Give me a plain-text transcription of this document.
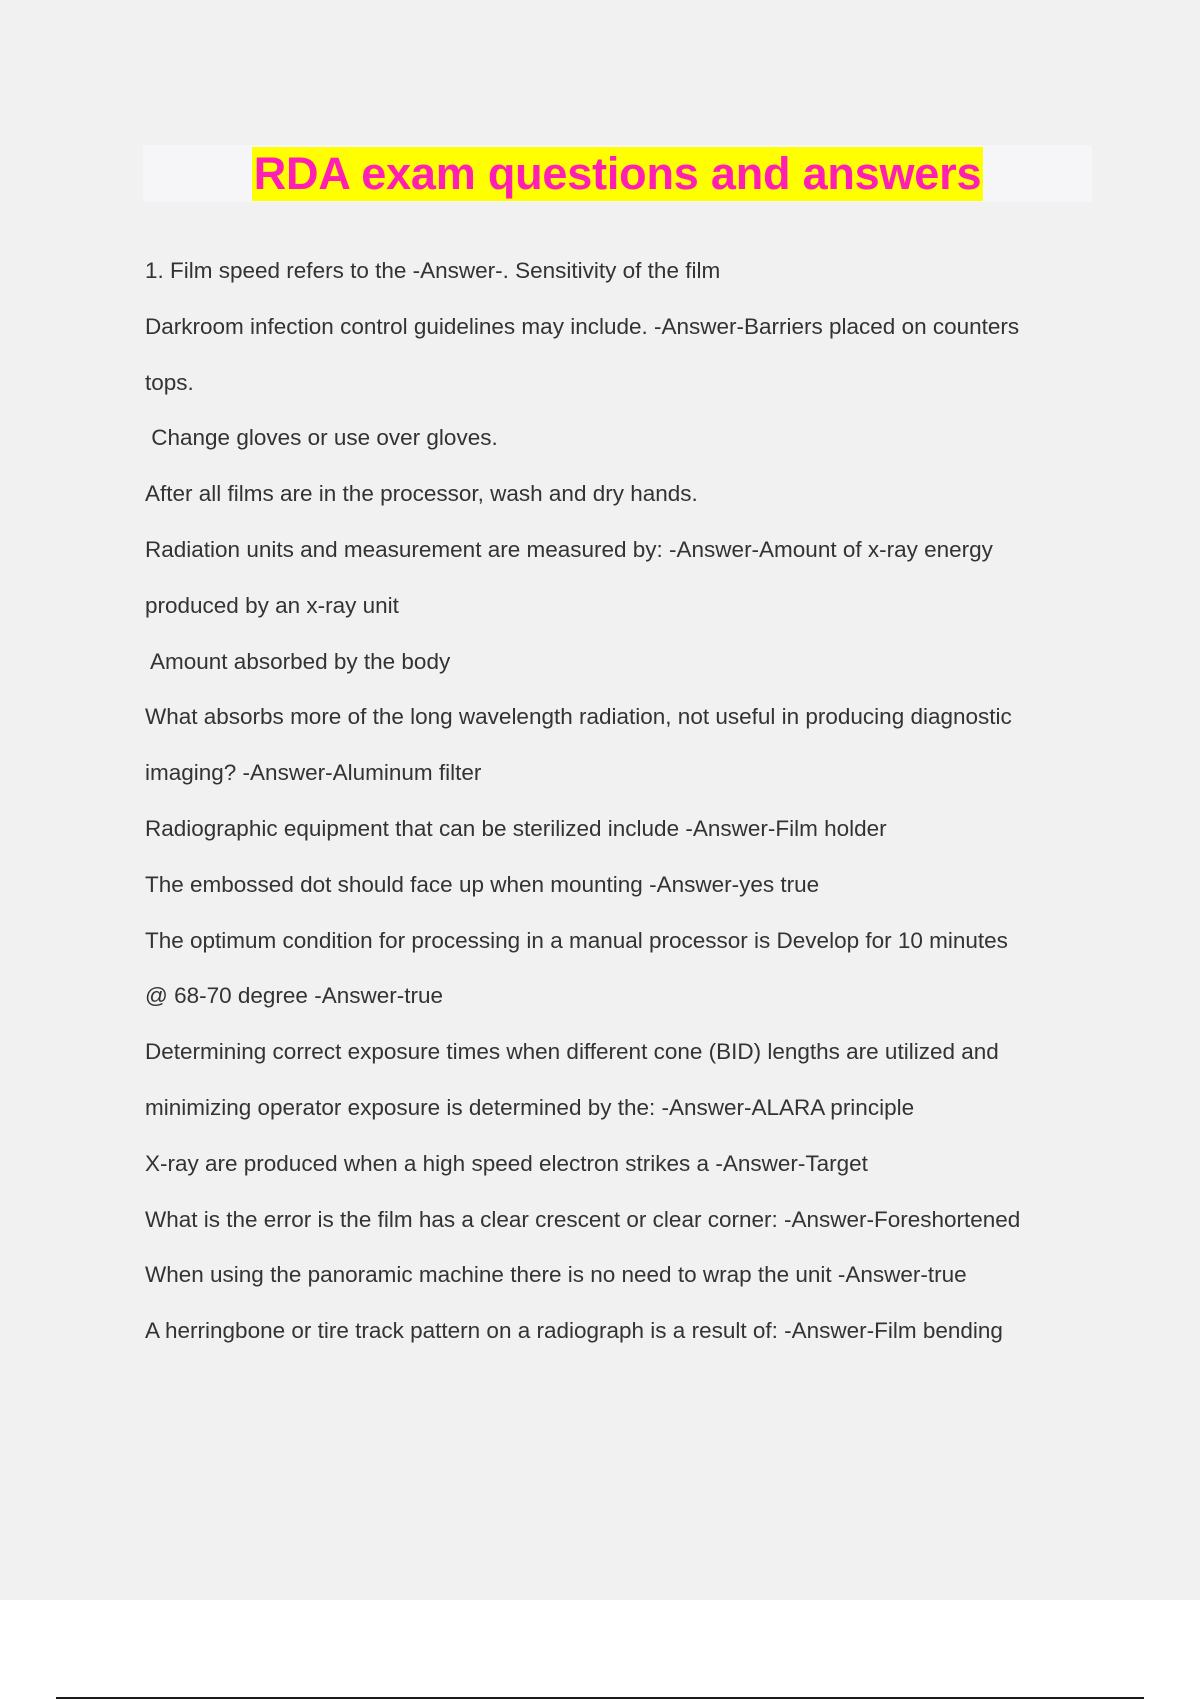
RDA exam questions and answers
1. Film speed refers to the -Answer-. Sensitivity of the film
Darkroom infection control guidelines may include. -Answer-Barriers placed on counters
tops.
Change gloves or use over gloves.
After all films are in the processor, wash and dry hands.
Radiation units and measurement are measured by: -Answer-Amount of x-ray energy
produced by an x-ray unit
Amount absorbed by the body
What absorbs more of the long wavelength radiation, not useful in producing diagnostic
imaging? -Answer-Aluminum filter
Radiographic equipment that can be sterilized include -Answer-Film holder
The embossed dot should face up when mounting -Answer-yes true
The optimum condition for processing in a manual processor is Develop for 10 minutes
@ 68-70 degree -Answer-true
Determining correct exposure times when different cone (BID) lengths are utilized and
minimizing operator exposure is determined by the: -Answer-ALARA principle
X-ray are produced when a high speed electron strikes a -Answer-Target
What is the error is the film has a clear crescent or clear corner: -Answer-Foreshortened
When using the panoramic machine there is no need to wrap the unit -Answer-true
A herringbone or tire track pattern on a radiograph is a result of: -Answer-Film bending
